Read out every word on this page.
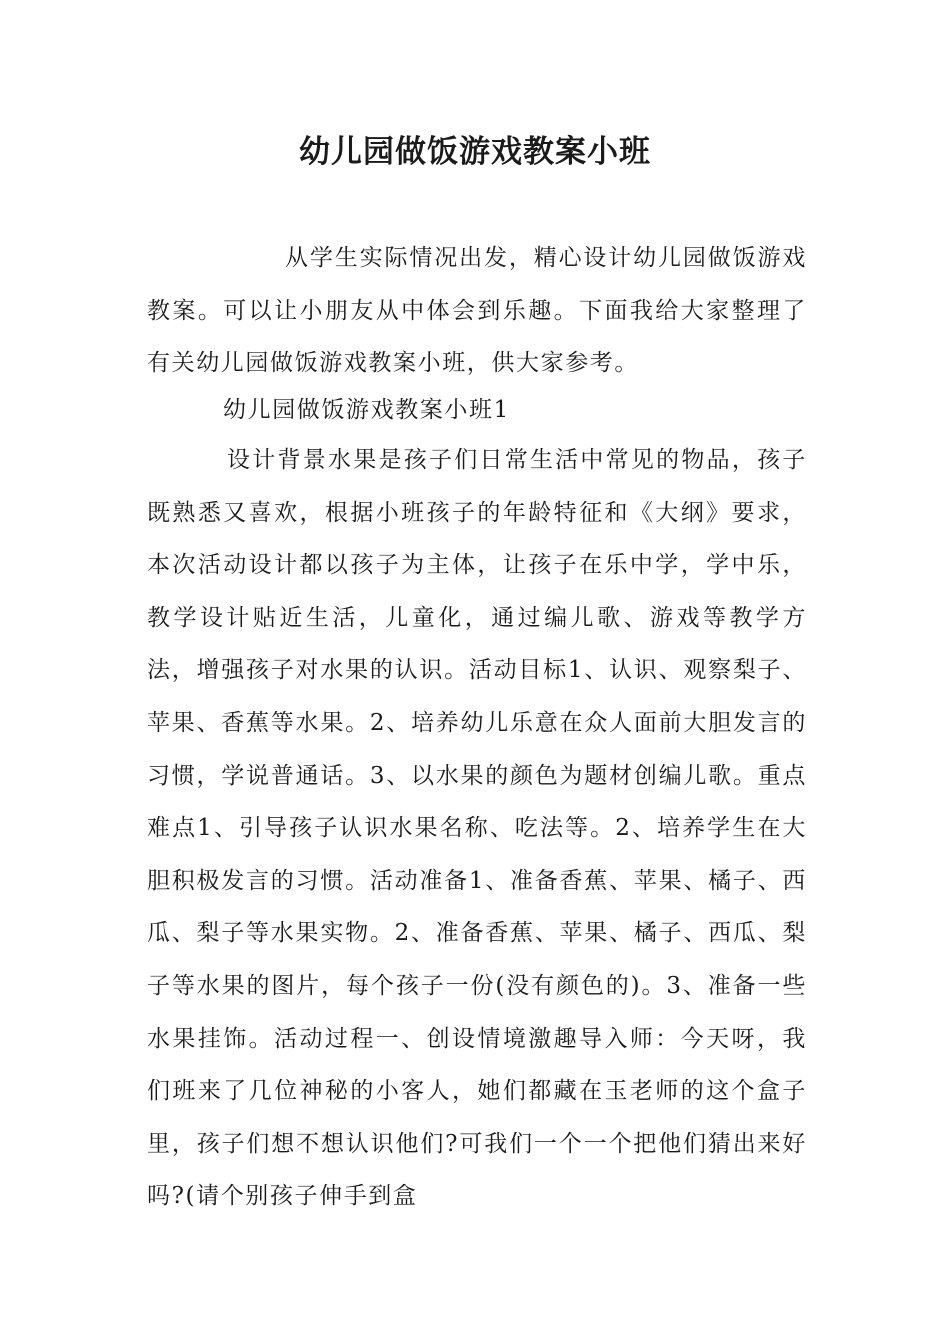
幼儿园做饭游戏教案小班

从学生实际情况出发，精心设计幼儿园做饭游戏教案。可以让小朋友从中体会到乐趣。下面我给大家整理了有关幼儿园做饭游戏教案小班，供大家参考。

幼儿园做饭游戏教案小班1

设计背景水果是孩子们日常生活中常见的物品，孩子既熟悉又喜欢，根据小班孩子的年龄特征和《大纲》要求，本次活动设计都以孩子为主体，让孩子在乐中学，学中乐，教学设计贴近生活，儿童化，通过编儿歌、游戏等教学方法，增强孩子对水果的认识。活动目标1、认识、观察梨子、苹果、香蕉等水果。2、培养幼儿乐意在众人面前大胆发言的习惯，学说普通话。3、以水果的颜色为题材创编儿歌。重点难点1、引导孩子认识水果名称、吃法等。2、培养学生在大胆积极发言的习惯。活动准备1、准备香蕉、苹果、橘子、西瓜、梨子等水果实物。2、准备香蕉、苹果、橘子、西瓜、梨子等水果的图片，每个孩子一份(没有颜色的)。3、准备一些水果挂饰。活动过程一、创设情境激趣导入师：今天呀，我们班来了几位神秘的小客人，她们都藏在玉老师的这个盒子里，孩子们想不想认识他们?可我们一个一个把他们猜出来好吗?(请个别孩子伸手到盒
